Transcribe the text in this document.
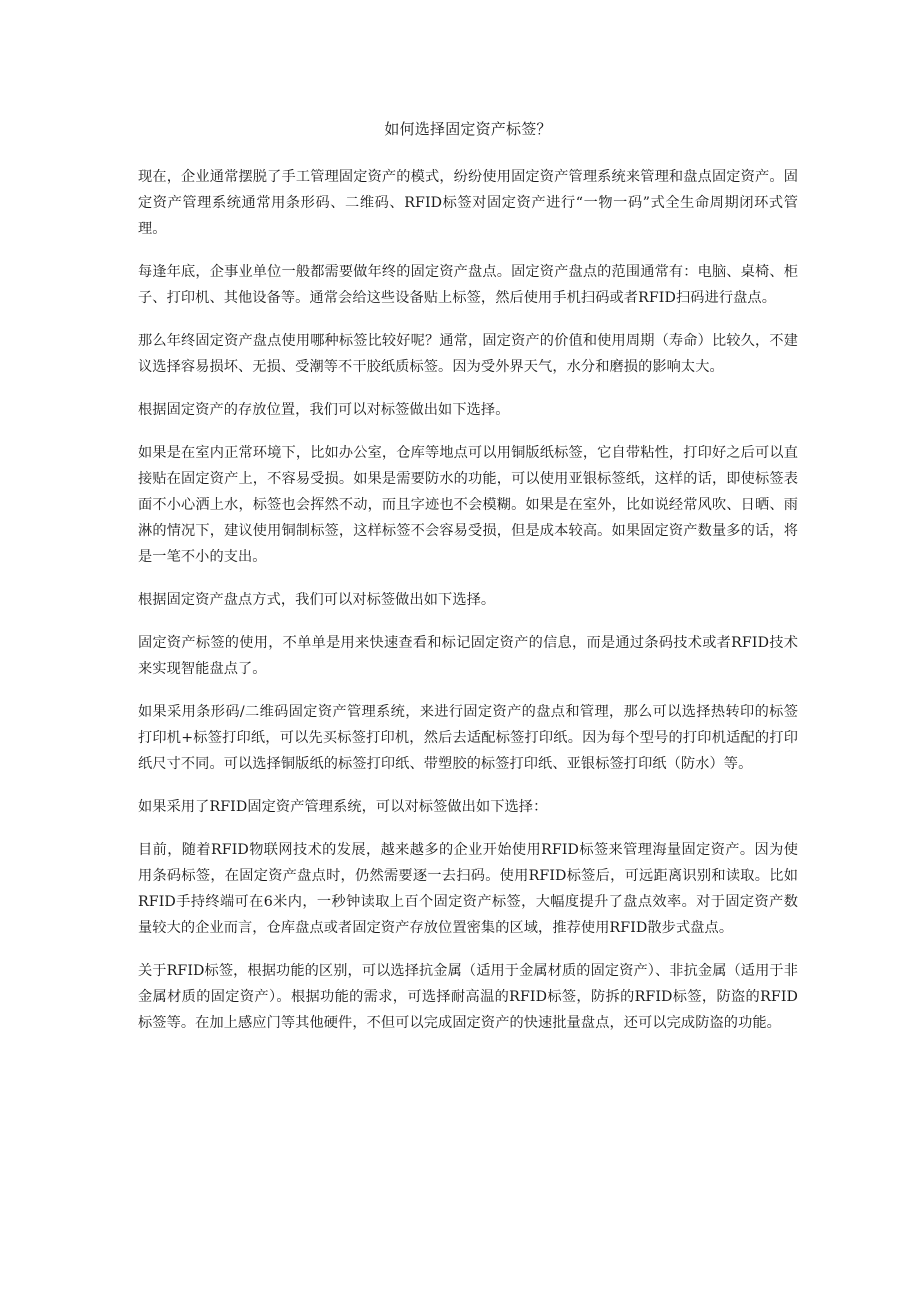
如何选择固定资产标签？

现在，企业通常摆脱了手工管理固定资产的模式，纷纷使用固定资产管理系统来管理和盘点固定资产。固定资产管理系统通常用条形码、二维码、RFID标签对固定资产进行“一物一码”式全生命周期闭环式管理。

每逢年底，企事业单位一般都需要做年终的固定资产盘点。固定资产盘点的范围通常有：电脑、桌椅、柜子、打印机、其他设备等。通常会给这些设备贴上标签，然后使用手机扫码或者RFID扫码进行盘点。

那么年终固定资产盘点使用哪种标签比较好呢？通常，固定资产的价值和使用周期（寿命）比较久，不建议选择容易损坏、无损、受潮等不干胶纸质标签。因为受外界天气，水分和磨损的影响太大。

根据固定资产的存放位置，我们可以对标签做出如下选择。

如果是在室内正常环境下，比如办公室，仓库等地点可以用铜版纸标签，它自带粘性，打印好之后可以直接贴在固定资产上，不容易受损。如果是需要防水的功能，可以使用亚银标签纸，这样的话，即使标签表面不小心洒上水，标签也会挥然不动，而且字迹也不会模糊。如果是在室外，比如说经常风吹、日晒、雨淋的情况下，建议使用铜制标签，这样标签不会容易受损，但是成本较高。如果固定资产数量多的话，将是一笔不小的支出。

根据固定资产盘点方式，我们可以对标签做出如下选择。

固定资产标签的使用，不单单是用来快速查看和标记固定资产的信息，而是通过条码技术或者RFID技术来实现智能盘点了。

如果采用条形码/二维码固定资产管理系统，来进行固定资产的盘点和管理，那么可以选择热转印的标签打印机+标签打印纸，可以先买标签打印机，然后去适配标签打印纸。因为每个型号的打印机适配的打印纸尺寸不同。可以选择铜版纸的标签打印纸、带塑胶的标签打印纸、亚银标签打印纸（防水）等。

如果采用了RFID固定资产管理系统，可以对标签做出如下选择：

目前，随着RFID物联网技术的发展，越来越多的企业开始使用RFID标签来管理海量固定资产。因为使用条码标签，在固定资产盘点时，仍然需要逐一去扫码。使用RFID标签后，可远距离识别和读取。比如RFID手持终端可在6米内，一秒钟读取上百个固定资产标签，大幅度提升了盘点效率。对于固定资产数量较大的企业而言，仓库盘点或者固定资产存放位置密集的区域，推荐使用RFID散步式盘点。

关于RFID标签，根据功能的区别，可以选择抗金属（适用于金属材质的固定资产）、非抗金属（适用于非金属材质的固定资产）。根据功能的需求，可选择耐高温的RFID标签，防拆的RFID标签，防盗的RFID标签等。在加上感应门等其他硬件，不但可以完成固定资产的快速批量盘点，还可以完成防盗的功能。
